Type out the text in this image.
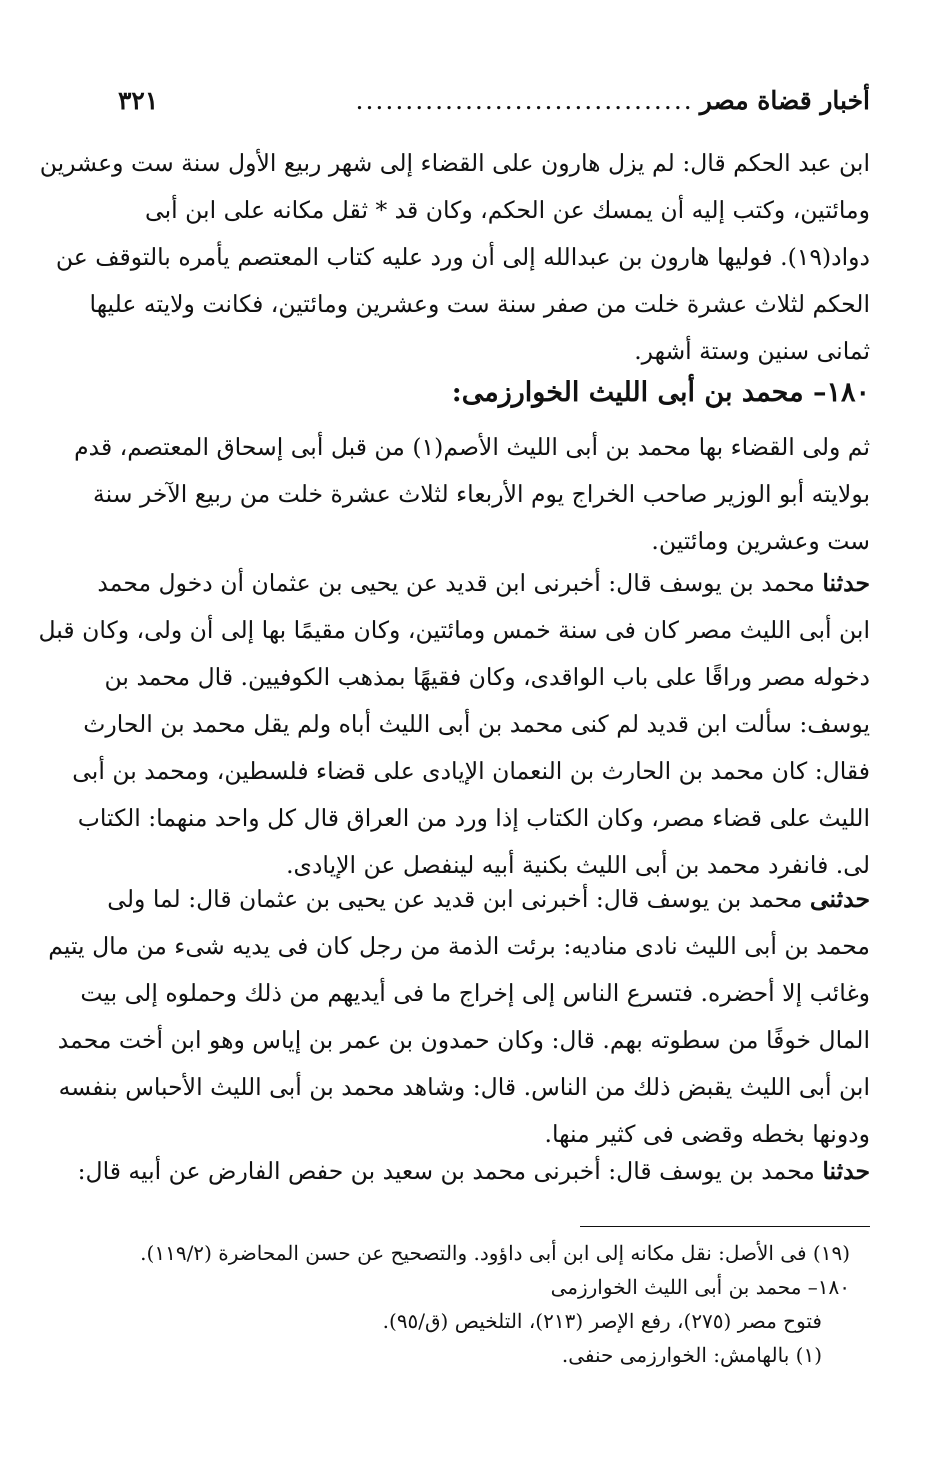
أخبار قضاة مصر
..................................
٣٢١
ابن عبد الحكم قال: لم يزل هارون على القضاء إلى شهر ربيع الأول سنة ست وعشرين
ومائتين، وكتب إليه أن يمسك عن الحكم، وكان قد * ثقل مكانه على ابن أبى
دواد(١٩). فوليها هارون بن عبدالله إلى أن ورد عليه كتاب المعتصم يأمره بالتوقف عن
الحكم لثلاث عشرة خلت من صفر سنة ست وعشرين ومائتين، فكانت ولايته عليها
ثمانى سنين وستة أشهر.
١٨٠– محمد بن أبى الليث الخوارزمى:
ثم ولى القضاء بها محمد بن أبى الليث الأصم(١) من قبل أبى إسحاق المعتصم، قدم
بولايته أبو الوزير صاحب الخراج يوم الأربعاء لثلاث عشرة خلت من ربيع الآخر سنة
ست وعشرين ومائتين.
حدثنا محمد بن يوسف قال: أخبرنى ابن قديد عن يحيى بن عثمان أن دخول محمد
ابن أبى الليث مصر كان فى سنة خمس ومائتين، وكان مقيمًا بها إلى أن ولى، وكان قبل
دخوله مصر وراقًا على باب الواقدى، وكان فقيهًا بمذهب الكوفيين. قال محمد بن
يوسف: سألت ابن قديد لم كنى محمد بن أبى الليث أباه ولم يقل محمد بن الحارث
فقال: كان محمد بن الحارث بن النعمان الإيادى على قضاء فلسطين، ومحمد بن أبى
الليث على قضاء مصر، وكان الكتاب إذا ورد من العراق قال كل واحد منهما: الكتاب
لى. فانفرد محمد بن أبى الليث بكنية أبيه لينفصل عن الإيادى.
حدثنى محمد بن يوسف قال: أخبرنى ابن قديد عن يحيى بن عثمان قال: لما ولى
محمد بن أبى الليث نادى مناديه: برئت الذمة من رجل كان فى يديه شىء من مال يتيم
وغائب إلا أحضره. فتسرع الناس إلى إخراج ما فى أيديهم من ذلك وحملوه إلى بيت
المال خوفًا من سطوته بهم. قال: وكان حمدون بن عمر بن إياس وهو ابن أخت محمد
ابن أبى الليث يقبض ذلك من الناس. قال: وشاهد محمد بن أبى الليث الأحباس بنفسه
ودونها بخطه وقضى فى كثير منها.
حدثنا محمد بن يوسف قال: أخبرنى محمد بن سعيد بن حفص الفارض عن أبيه قال:
(١٩) فى الأصل: نقل مكانه إلى ابن أبى داؤود. والتصحيح عن حسن المحاضرة (١١٩/٢).
١٨٠– محمد بن أبى الليث الخوارزمى
فتوح مصر (٢٧٥)، رفع الإصر (٢١٣)، التلخيص (ق/٩٥).
(١) بالهامش: الخوارزمى حنفى.
